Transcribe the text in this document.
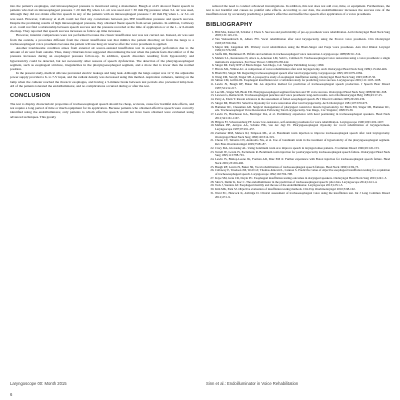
into the patient's esophagus, and intraesophageal pressure is monitored using a manometer. Baugh et al.25 showed fluent speech in patients who had an intraesophageal pressure < 20 mm Hg when 1-L air was used and < 30 mm Hg pressure when 3-L air was used, although they did not obtain effective speech in any of the patients with an intraesophageal pressure > 40 mm Hg when 1- or 3-L air was used. However, Callaway et al.26 could not find any correlations between pre-TEP insufflation pressure and speech success. Despite the promising results of high intraesophageal pressure, they obtained fluent speech from seven patients. In addition, Callaway et al. could not find a relationship between speech success and the pressure recorded at the time of application or at the 1- or 6-month checkup. They reported that speech success increases as follow-up time increases.

However, internist comparisons were not performed because the classic insufflation test was not carried out. Instead, air was sent from the outside, a procedure different from the classic insufflation test that mimics the patient directing air from the lungs to a tracheoesophageal voice prosthesis because the patient will use lung air reserve after the voice prosthesis is applied.

Another troublesome condition arises from external air source-assisted insufflation test in esophageal perforation due to the amount of air sent from outside. Thus, many clinicians have suggested discontinuing the test when the patient feels discomfort or if the pressure increases during an esophageal pressure follow-up. In addition, speech disorders resulting from hypotonicity and hypertonicity could be detected, but not necessarily other reasons of speech dysfunction. The detection of the pharyngoesophageal segment, such as esophageal stricture, irregularities in the pharyngoesophageal segment, and a more that is lower than the normal position.

In the present study, medical silicone prevented electric leakage and lung leak. Although the lungs output was 12 V, the adjustable power supply provided a 6- to 7-V input, and the radiant density was decreased using this method. Aspiration catheters, turning on the lamp when the catheter reached the thoracic esophagus, and having a 5-minute break between test periods also prevented lamp heat. All of the patients tolerated the endoilluminator, and no complications occurred during or after the test.

CONCLUSION

The test to display characteristic properties of tracheoesophageal speech should be cheap, accurate, cause few harmful side effects, and not require a long period of time or much equipment for its application. Because patients who obtained effective speech were correctly identified using the endoilluminator, only patients to whom effective speech would not have been obtained were evaluated using advanced techniques. This greatly

reduced the need to conduct advanced investigations. In addition, this test does not add cost, time, or equipment. Furthermore, the test is not harmful and causes no painful side effects. According to our data, the endoilluminator increases the success rate of the insufflation test by accurately predicting a patient's effective and ineffective speech after application of a voice prosthesis.

BIBLIOGRAPHY
1. Blitt MA, Kaiser M, Schaller J, Ebers S. Success and predictability of pre-op prosthesis voice rehabilitation. Arch Otolaryngol Head Neck Surg 2005;131:145-151.
2. Van Weissenbruch R, Albers FW. Vocal rehabilitation after total laryngectomy using the Provox voice prosthesis. Clin Otolaryngol 1993;18:359-364.
3. Meyer RR, Lingeman RE. Primary vocal rehabilitation using the Blom-Singer and Panje voice prostheses. Ann Otol Rhinol Laryngol 1982;91:576-583.
4. Staffa DR, Blommaert B. Pitfalls and solutions in tracheoesophageal voice restoration. Laryngoscope 1988;98:311-314.
5. Maletic LL, Kontonatos N, Alaca A, Ackerson LM, Sohl L, Calimon N. Tracheoesophageal voice restoration using a voice prosthesis: a single institution's experience. Ear Nose Throat J 2004;83:238-242.
6. Singer MI. Early RTF of Blom-Singer. San Diego, CA: Singular Publishing Group; 1999.
7. Bivolo ML, Yilmaz AC. A comparison of voice rehabilitation after total laryngectomy. Arch Otolaryngol Head Neck Surg 1989;115:462-466.
8. Blom ED, Singer MI. Regarding tracheoesophageal speech after total laryngectomy. Laryngoscope 1995;105:1079-1084.
9. Wang ZM, Sun M, Singer MI. A prospective study of esophageal insufflation testing. Otolaryngol Head Neck Surg 1993;108:47-50.
10. Simon CM, Griffin JR. Esophageal insufflation test: a validation study for predicting voice success. Laryngoscope 2001;111:1103-1108.
11. Lewin JS, Baugh RF, Baker SR. An objective method for prediction of tracheoesophageal speech production. J Speech Hear Disord 1987;52:212-217.
12. Lee ML, Singer MI, Blom ED. Pharyngoesophageal segment function and TE voice success. Otolaryngol Head Neck Surg 1988;99:361-368.
13. Lawson G, Remacle M. Tracheoesophageal puncture and voice prosthesis: long-term results. Acta Otorhinolaryngol Belg 1989;43:17-25.
14. Perry A, Edels Y. Recent advances in the assessment of failed oesophageal speech. Br J Disord Commun 1985;20:229-236.
15. Singer MI, Blom ED. Selective myotomy for voice restoration after total laryngectomy. Arch Otolaryngol 1981;107:670-673.
16. Hamaker RC, Cheesman AD. Surgical management of pharyngeal constrictor muscle hypertonicity. In: Blom ED, Singer MI, Hamaker RC, eds. Tracheoesophageal Voice Restoration Following Total Laryngectomy. San Diego, CA: Singular; 1998:33-39.
17. Lewin JS, Hutcheson KA, Barringer DA, et al. Preliminary experience with head positioning in tracheoesophageal speakers. Head Neck 2012;34:1161-1167.
18. Hilgers FJ, Schouwenburg PF. A new low-resistance, self-retaining prosthesis for voice rehabilitation. Laryngoscope 1990;100:1202-1207.
19. Mahieu HF, Annyas AA, Schutte HK, van der Jagt EJ. Pharyngoesophageal myotomy for vocal rehabilitation of laryngectomees. Laryngoscope 1987;97:451-457.
20. Zormeier MM, Meleca RJ, Simpson ML, et al. Botulinum toxin injection to improve tracheoesophageal speech after total laryngectomy. Otolaryngol Head Neck Surg 1999;120:314-319.
21. Chone CT, Teixeira CN, Andreollo NA, et al. Use of botulinum toxin in the treatment of hypertonicity of the pharyngoesophageal segment. Rev Bras Otorrinolaringol 2009;75:81-87.
22. Crary MA, Glowasky AL. Using botulinum toxin A to improve speech in laryngectomee patients. J Commun Disord 1996;29:145-153.
23. Terrell JE, Lewin JS, Esclamado R. Botulinum toxin injection for postlaryngectomy tracheoesophageal speech failure. Otolaryngol Head Neck Surg 1995;113:788-791.
24. Lewin JS, Bishop-Leone JK, Forman AD, Diaz EM Jr. Further experience with Botox injection for tracheoesophageal speech failure. Head Neck 2001;23:456-460.
25. Baugh RF, Lewin JS, Baker SR. Vocal rehabilitation of tracheoesophageal speech failures. Head Neck 1990;12:69-73.
26. Callaway E, Truelson JM, Wolf GT, Thomas-Kincaid L, Cannon S. Predictive value of objective esophageal insufflation testing for acquisition of tracheoesophageal speech. Laryngoscope 1992;102:704-708.
27. Kaye SM, Grau CR, Doyle PC. Esophageal insufflation testing outcomes in alaryngeal speakers. Otolaryngol Head Neck Surg 2001;124:1-5.
28. Sinn S, Demir K, Koc C. The endoilluminator in the prediction of tracheoesophageal speech: pilot data. Laryngoscope 2014;124:1-4.
29. Tack J, Sanders AT. Esophageal motility and the use of the endoilluminator. Laryngoscope 2013;123:1-3.
30. Kim MK, Park SJ. Objective evaluation of insufflation testing methods. Clin Exp Otorhinolaryngol 2010;3:98-102.
31. Ward EC, Hancock K, Aldridge D. Clinical assessment of tracheoesophageal voice using the insufflation test. Int J Lang Commun Disord 2012;47:1-9.
Laryngoscope 00: Month 2015	Sinn et al.: Endoilluminator in Voice Rehabilitation
6
